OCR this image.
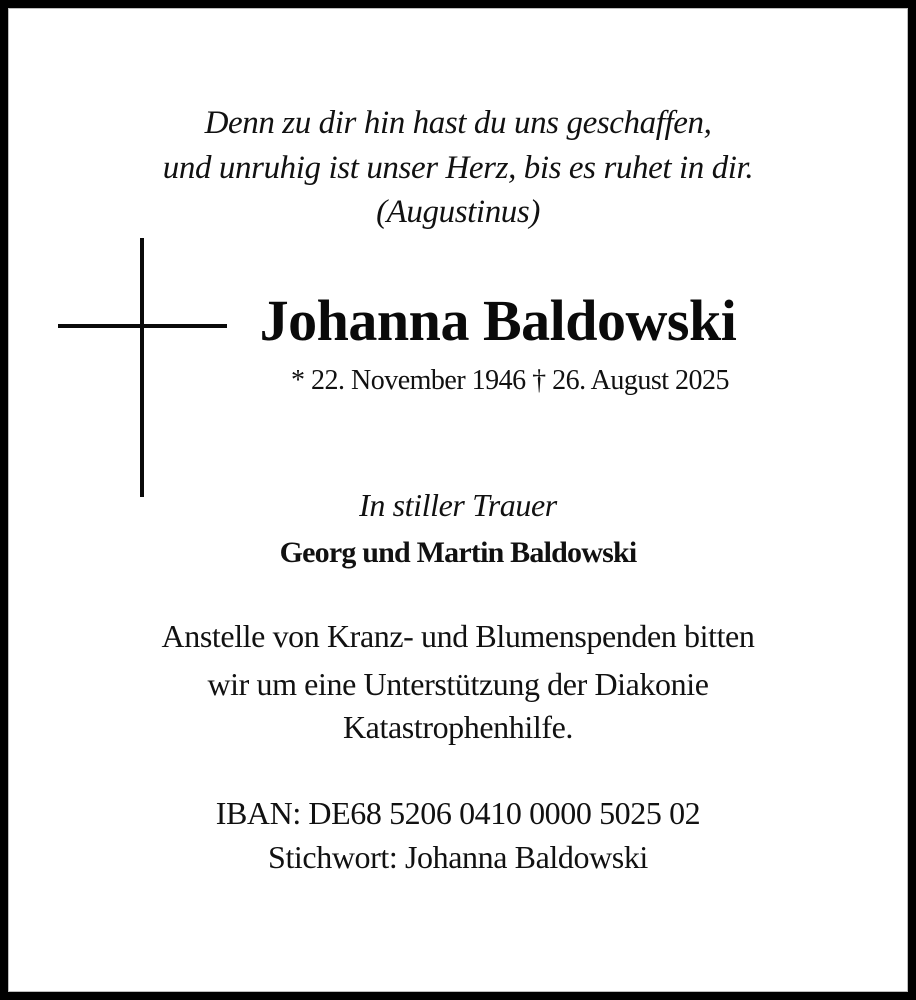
Denn zu dir hin hast du uns geschaffen,
und unruhig ist unser Herz, bis es ruhet in dir.
(Augustinus)
Johanna Baldowski
* 22. November 1946 † 26. August 2025
In stiller Trauer
Georg und Martin Baldowski
Anstelle von Kranz- und Blumenspenden bitten
wir um eine Unterstützung der Diakonie
Katastrophenhilfe.
IBAN: DE68 5206 0410 0000 5025 02
Stichwort: Johanna Baldowski
